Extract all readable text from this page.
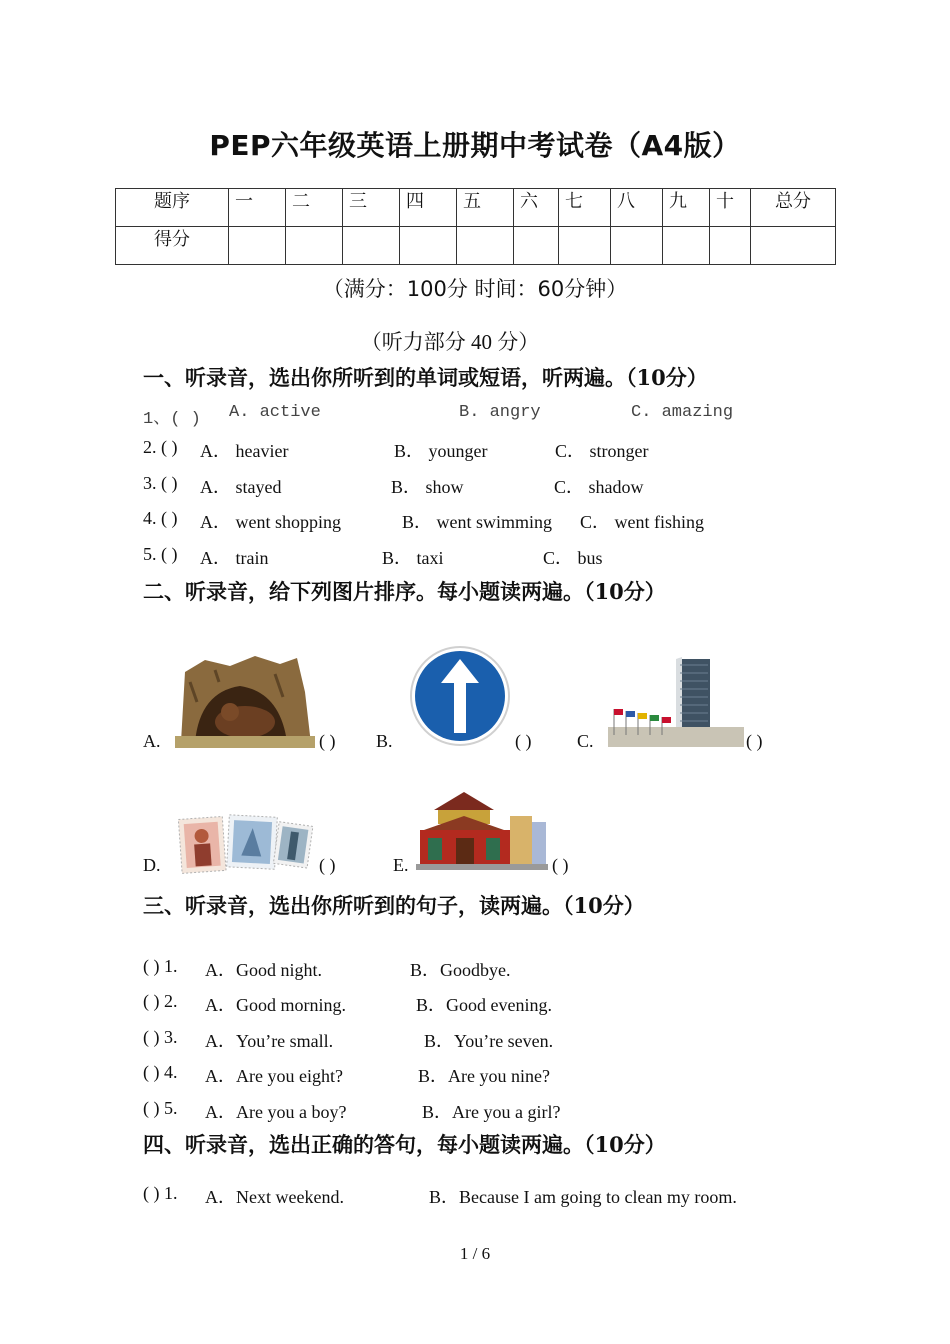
PEP六年级英语上册期中考试卷（A4版）
题序	一	二	三	四	五	六	七	八	九	十	总分
得分											
（满分：100分 时间：60分钟）
（听力部分 40 分）
一、听录音，选出你所听到的单词或短语，听两遍。（10分）
1、( ) A. active	B. angry	C. amazing
2. ( ) A． heavier	B． younger	C． stronger
3. ( ) A． stayed	B． show	C． shadow
4. ( ) A． went shopping	B． went swimming C． went fishing
5. ( ) A． train	B． taxi	C． bus
二、听录音，给下列图片排序。每小题读两遍。（10分）
A.	( ) B.	( )	C.	( )
D.	( )	E.	( )
三、听录音，选出你所听到的句子，读两遍。（10分）
( ) 1. A．Good night.	B．Goodbye.
( ) 2. A．Good morning.	B．Good evening.
( ) 3. A．You’re small.	B．You’re seven.
( ) 4. A．Are you eight?	B．Are you nine?
( ) 5. A．Are you a boy?	B．Are you a girl?
四、听录音，选出正确的答句，每小题读两遍。（10分）
( ) 1. A．Next weekend.	B．Because I am going to clean my room.
1 / 6
